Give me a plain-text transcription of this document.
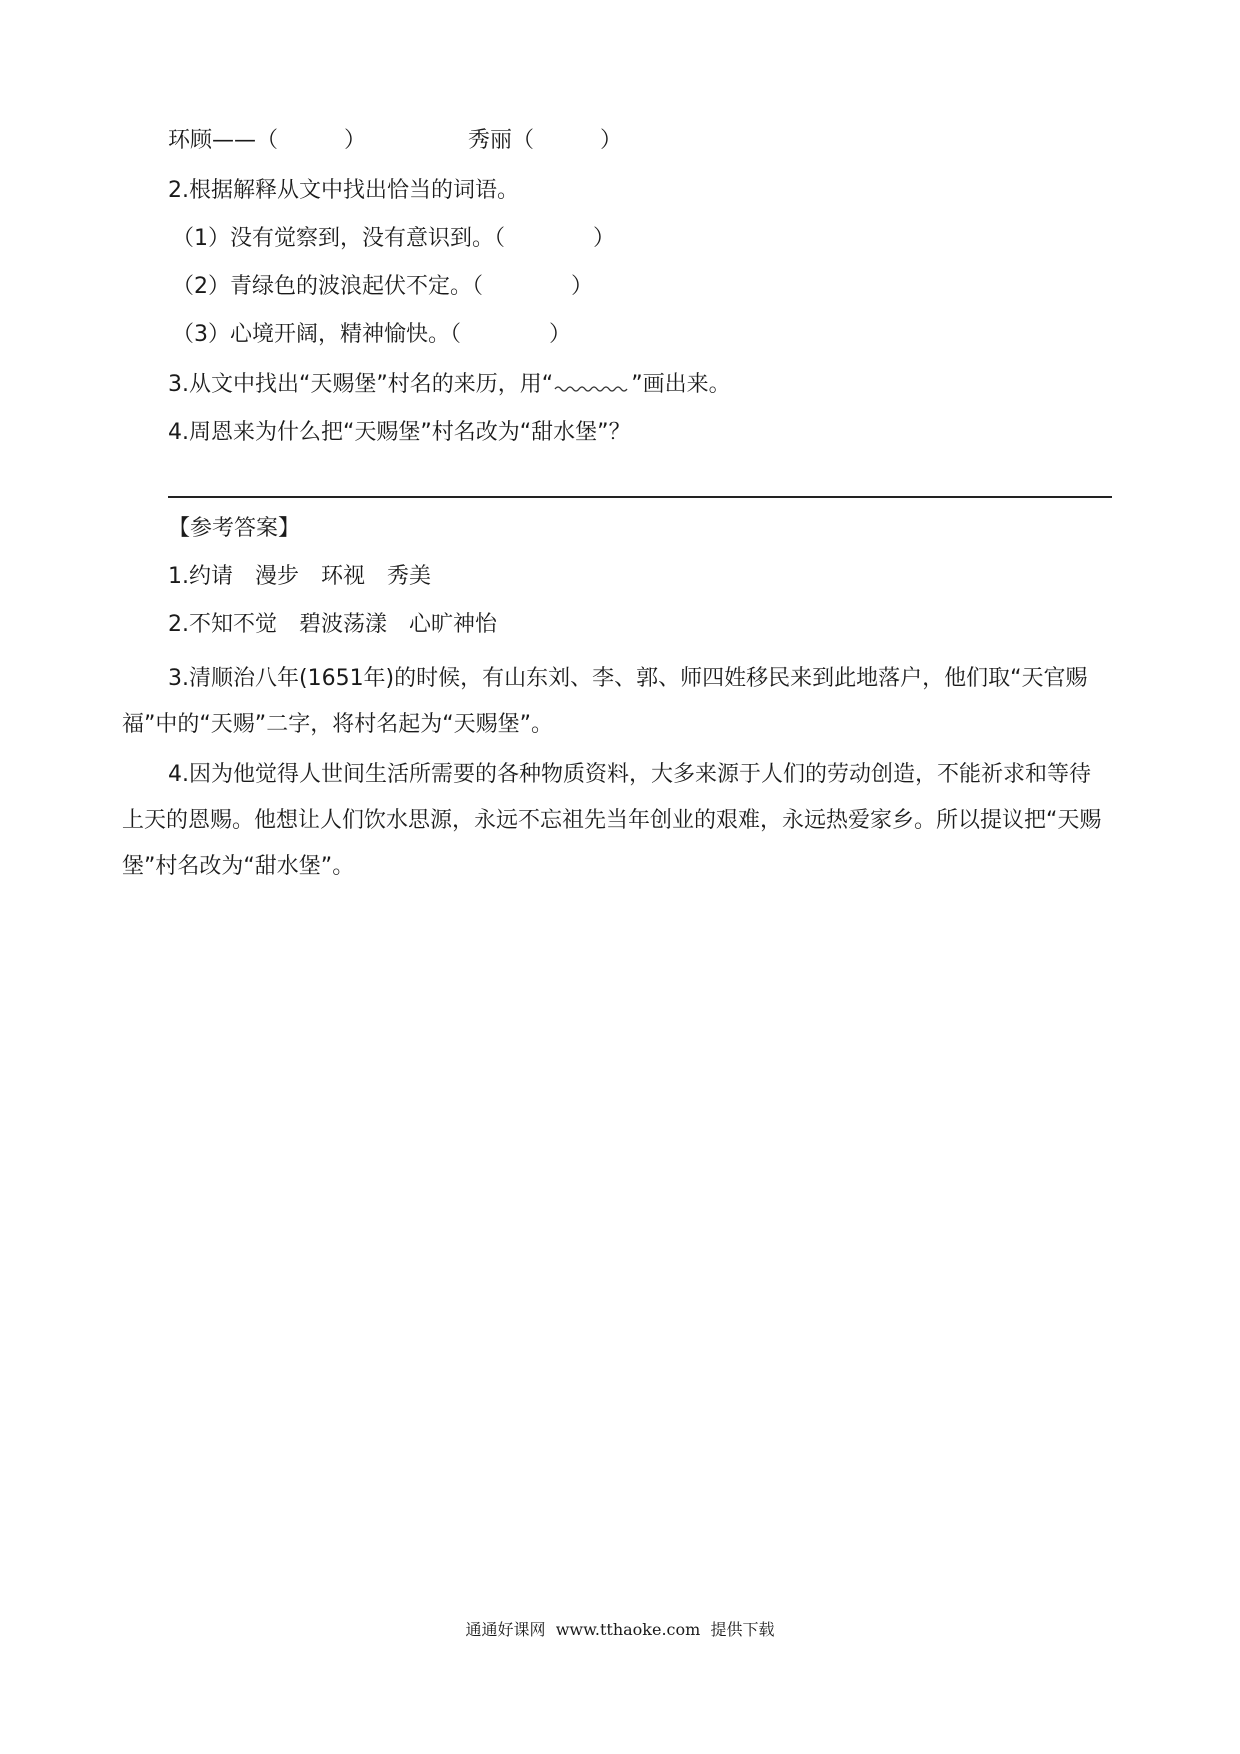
环顾——（　　　）	秀丽（　　　）
2.根据解释从文中找出恰当的词语。
（1）没有觉察到，没有意识到。（　　　　）
（2）青绿色的波浪起伏不定。（　　　　）
（3）心境开阔，精神愉快。（　　　　）
3.从文中找出“天赐堡”村名的来历，用“	”画出来。
4.周恩来为什么把“天赐堡”村名改为“甜水堡”？
【参考答案】
1.约请　漫步　环视　秀美
2.不知不觉　碧波荡漾　心旷神怡
3.清顺治八年(1651年)的时候，有山东刘、李、郭、师四姓移民来到此地落户，他们取“天官赐福”中的“天赐”二字，将村名起为“天赐堡”。
4.因为他觉得人世间生活所需要的各种物质资料，大多来源于人们的劳动创造，不能祈求和等待上天的恩赐。他想让人们饮水思源，永远不忘祖先当年创业的艰难，永远热爱家乡。所以提议把“天赐堡”村名改为“甜水堡”。
通通好课网 www.tthaoke.com 提供下载
